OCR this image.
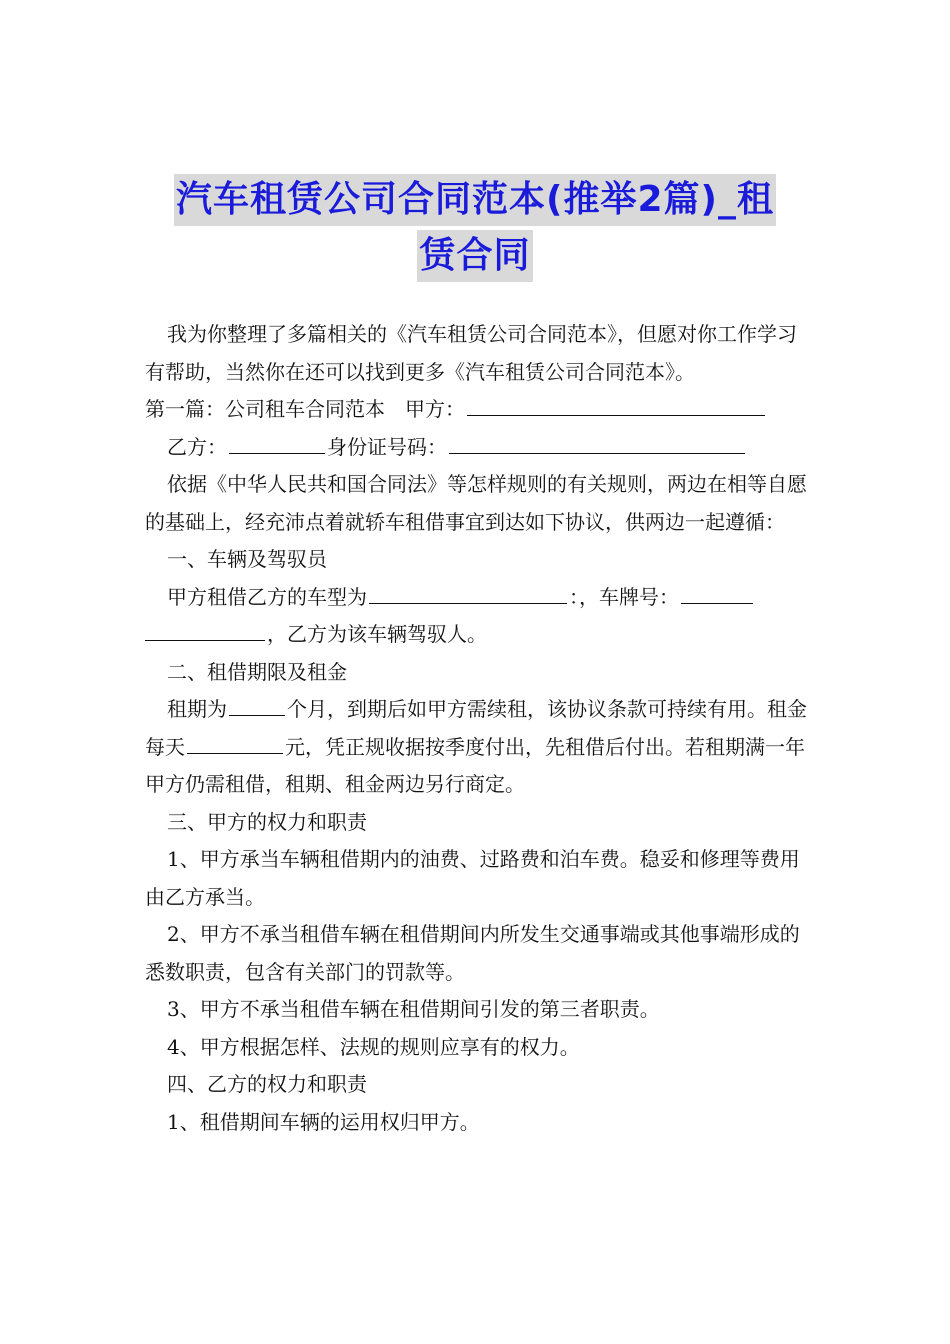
汽车租赁公司合同范本(推举2篇)_租
赁合同

我为你整理了多篇相关的《汽车租赁公司合同范本》，但愿对你工作学习有帮助，当然你在还可以找到更多《汽车租赁公司合同范本》。

第一篇：公司租车合同范本　甲方：

乙方：	身份证号码：

依据《中华人民共和国合同法》等怎样规则的有关规则，两边在相等自愿的基础上，经充沛点着就轿车租借事宜到达如下协议，供两边一起遵循：

一、车辆及驾驭员

甲方租借乙方的车型为	：，车牌号：，乙方为该车辆驾驭人。

二、租借期限及租金

租期为	个月，到期后如甲方需续租，该协议条款可持续有用。租金每天	元，凭正规收据按季度付出，先租借后付出。若租期满一年甲方仍需租借，租期、租金两边另行商定。

三、甲方的权力和职责

1、甲方承当车辆租借期内的油费、过路费和泊车费。稳妥和修理等费用由乙方承当。

2、甲方不承当租借车辆在租借期间内所发生交通事端或其他事端形成的悉数职责，包含有关部门的罚款等。

3、甲方不承当租借车辆在租借期间引发的第三者职责。

4、甲方根据怎样、法规的规则应享有的权力。

四、乙方的权力和职责

1、租借期间车辆的运用权归甲方。
